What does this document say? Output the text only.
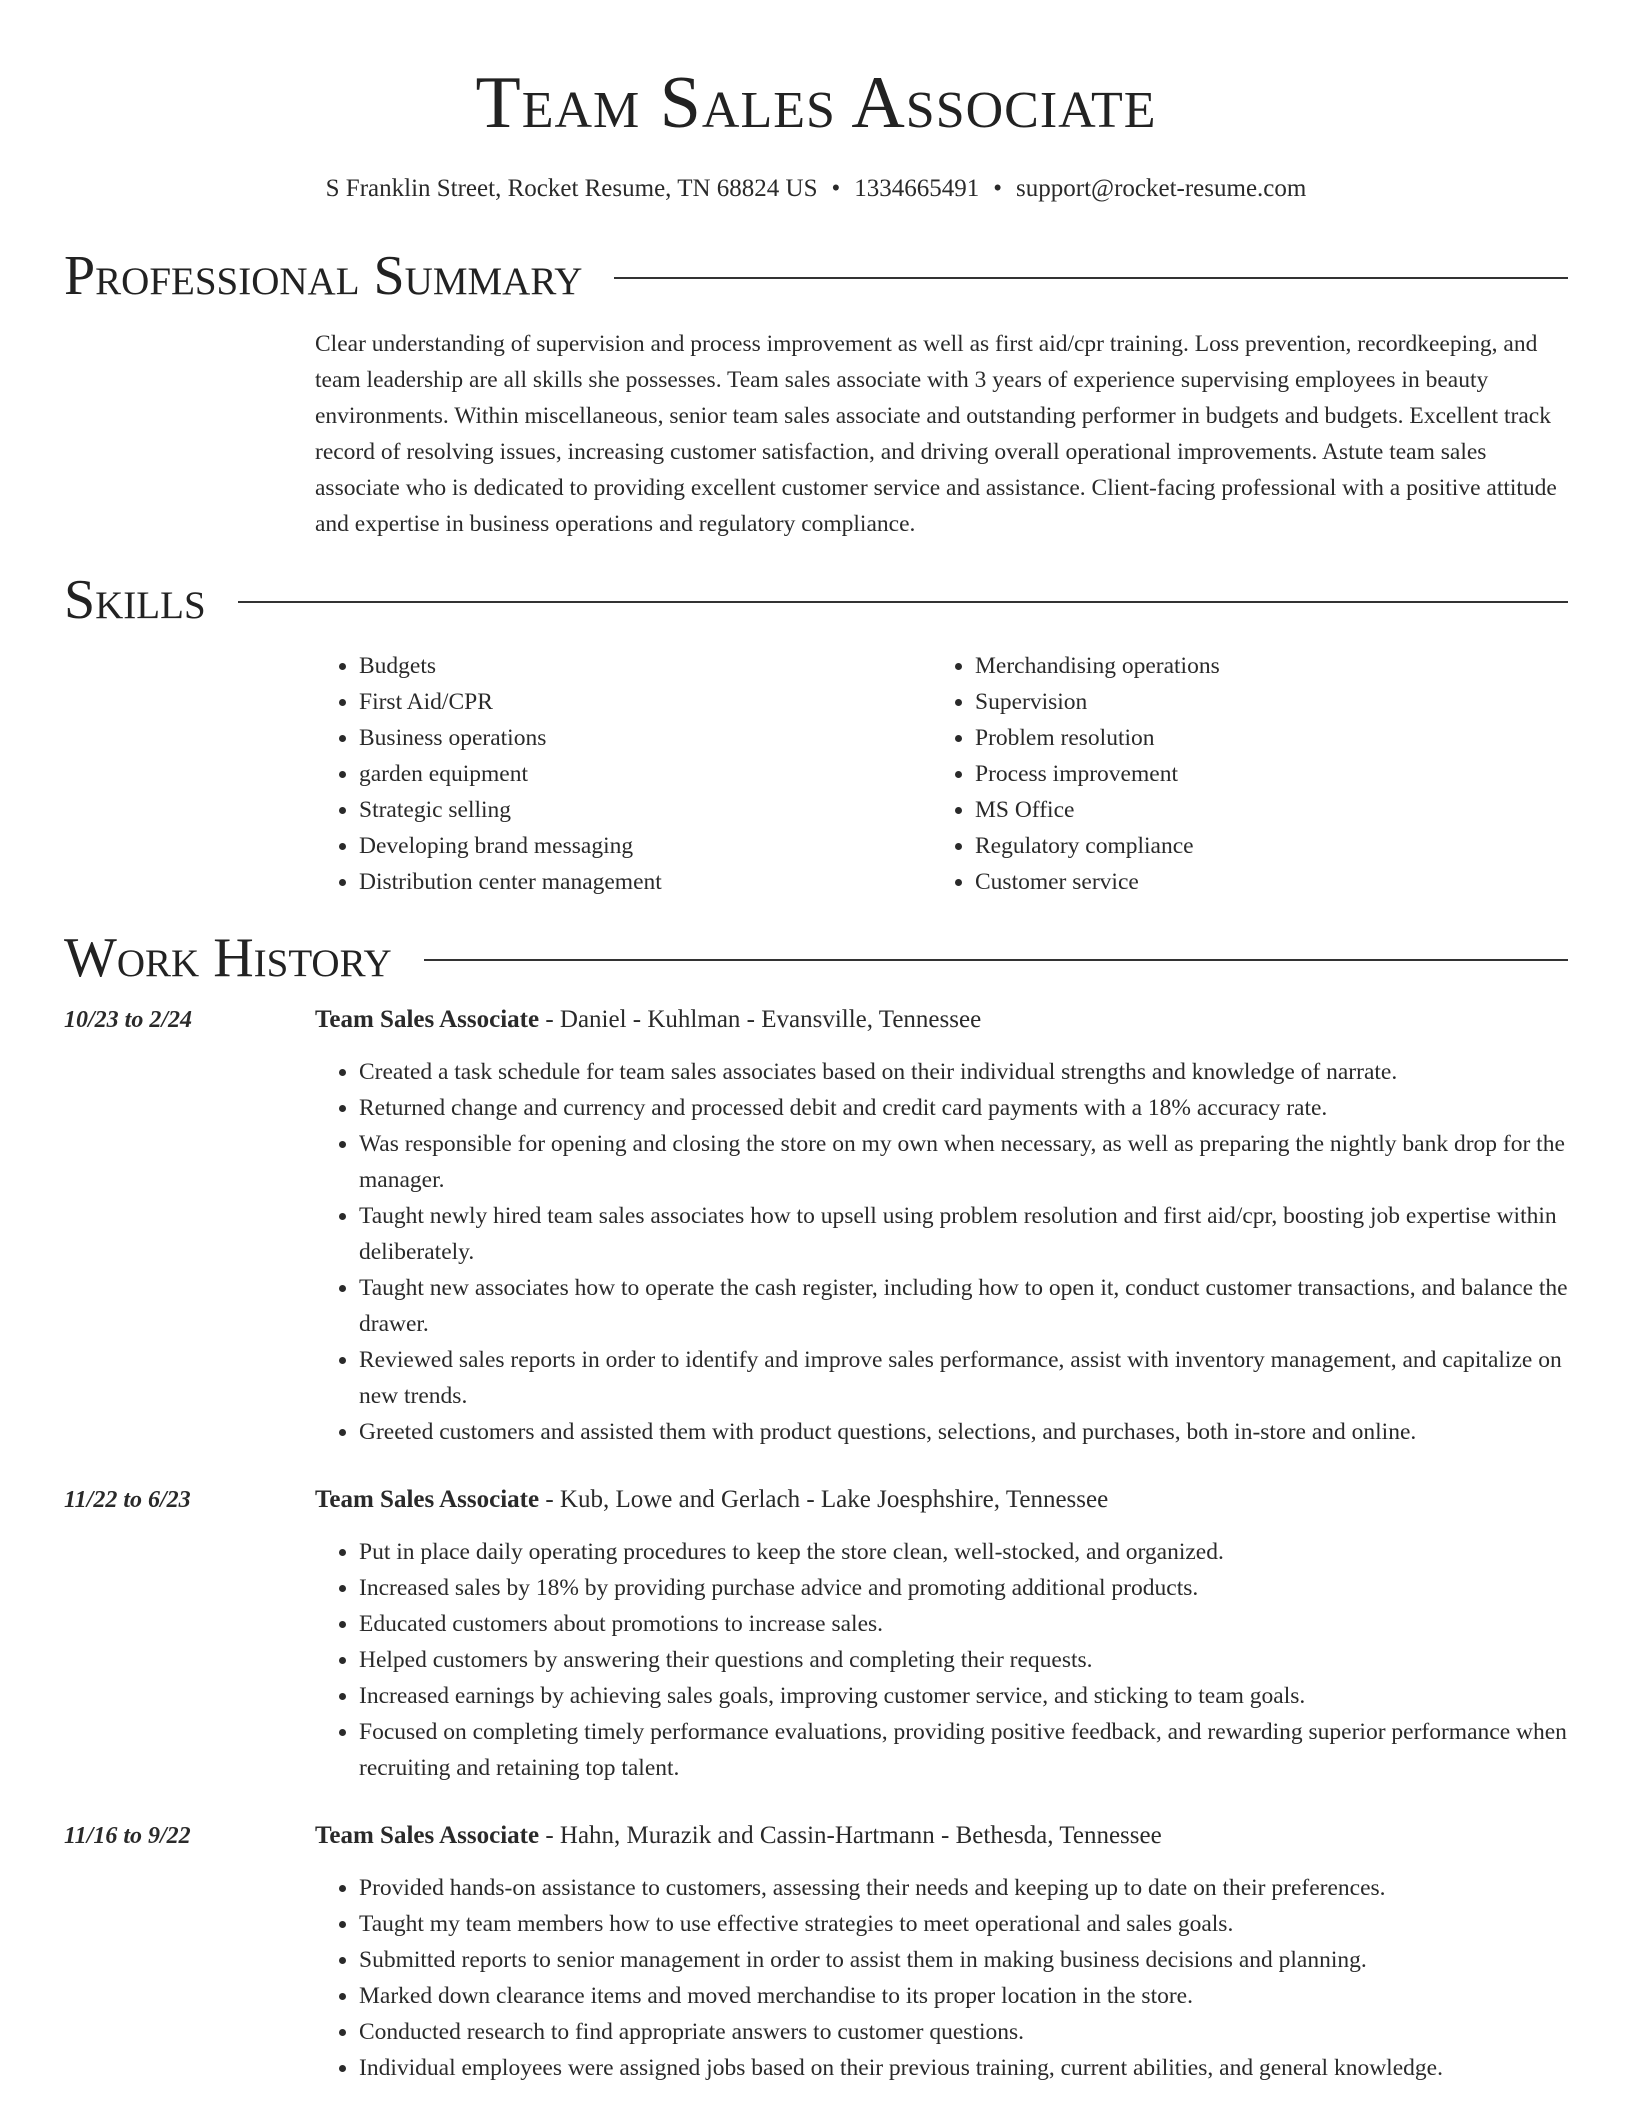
Team Sales Associate
S Franklin Street, Rocket Resume, TN 68824 US • 1334665491 • support@rocket-resume.com
Professional Summary
Clear understanding of supervision and process improvement as well as first aid/cpr training. Loss prevention, recordkeeping, and team leadership are all skills she possesses. Team sales associate with 3 years of experience supervising employees in beauty environments. Within miscellaneous, senior team sales associate and outstanding performer in budgets and budgets. Excellent track record of resolving issues, increasing customer satisfaction, and driving overall operational improvements. Astute team sales associate who is dedicated to providing excellent customer service and assistance. Client-facing professional with a positive attitude and expertise in business operations and regulatory compliance.
Skills
• Budgets
• First Aid/CPR
• Business operations
• garden equipment
• Strategic selling
• Developing brand messaging
• Distribution center management
• Merchandising operations
• Supervision
• Problem resolution
• Process improvement
• MS Office
• Regulatory compliance
• Customer service
Work History
10/23 to 2/24	Team Sales Associate - Daniel - Kuhlman - Evansville, Tennessee
• Created a task schedule for team sales associates based on their individual strengths and knowledge of narrate.
• Returned change and currency and processed debit and credit card payments with a 18% accuracy rate.
• Was responsible for opening and closing the store on my own when necessary, as well as preparing the nightly bank drop for the manager.
• Taught newly hired team sales associates how to upsell using problem resolution and first aid/cpr, boosting job expertise within deliberately.
• Taught new associates how to operate the cash register, including how to open it, conduct customer transactions, and balance the drawer.
• Reviewed sales reports in order to identify and improve sales performance, assist with inventory management, and capitalize on new trends.
• Greeted customers and assisted them with product questions, selections, and purchases, both in-store and online.
11/22 to 6/23	Team Sales Associate - Kub, Lowe and Gerlach - Lake Joesphshire, Tennessee
• Put in place daily operating procedures to keep the store clean, well-stocked, and organized.
• Increased sales by 18% by providing purchase advice and promoting additional products.
• Educated customers about promotions to increase sales.
• Helped customers by answering their questions and completing their requests.
• Increased earnings by achieving sales goals, improving customer service, and sticking to team goals.
• Focused on completing timely performance evaluations, providing positive feedback, and rewarding superior performance when recruiting and retaining top talent.
11/16 to 9/22	Team Sales Associate - Hahn, Murazik and Cassin-Hartmann - Bethesda, Tennessee
• Provided hands-on assistance to customers, assessing their needs and keeping up to date on their preferences.
• Taught my team members how to use effective strategies to meet operational and sales goals.
• Submitted reports to senior management in order to assist them in making business decisions and planning.
• Marked down clearance items and moved merchandise to its proper location in the store.
• Conducted research to find appropriate answers to customer questions.
• Individual employees were assigned jobs based on their previous training, current abilities, and general knowledge.
